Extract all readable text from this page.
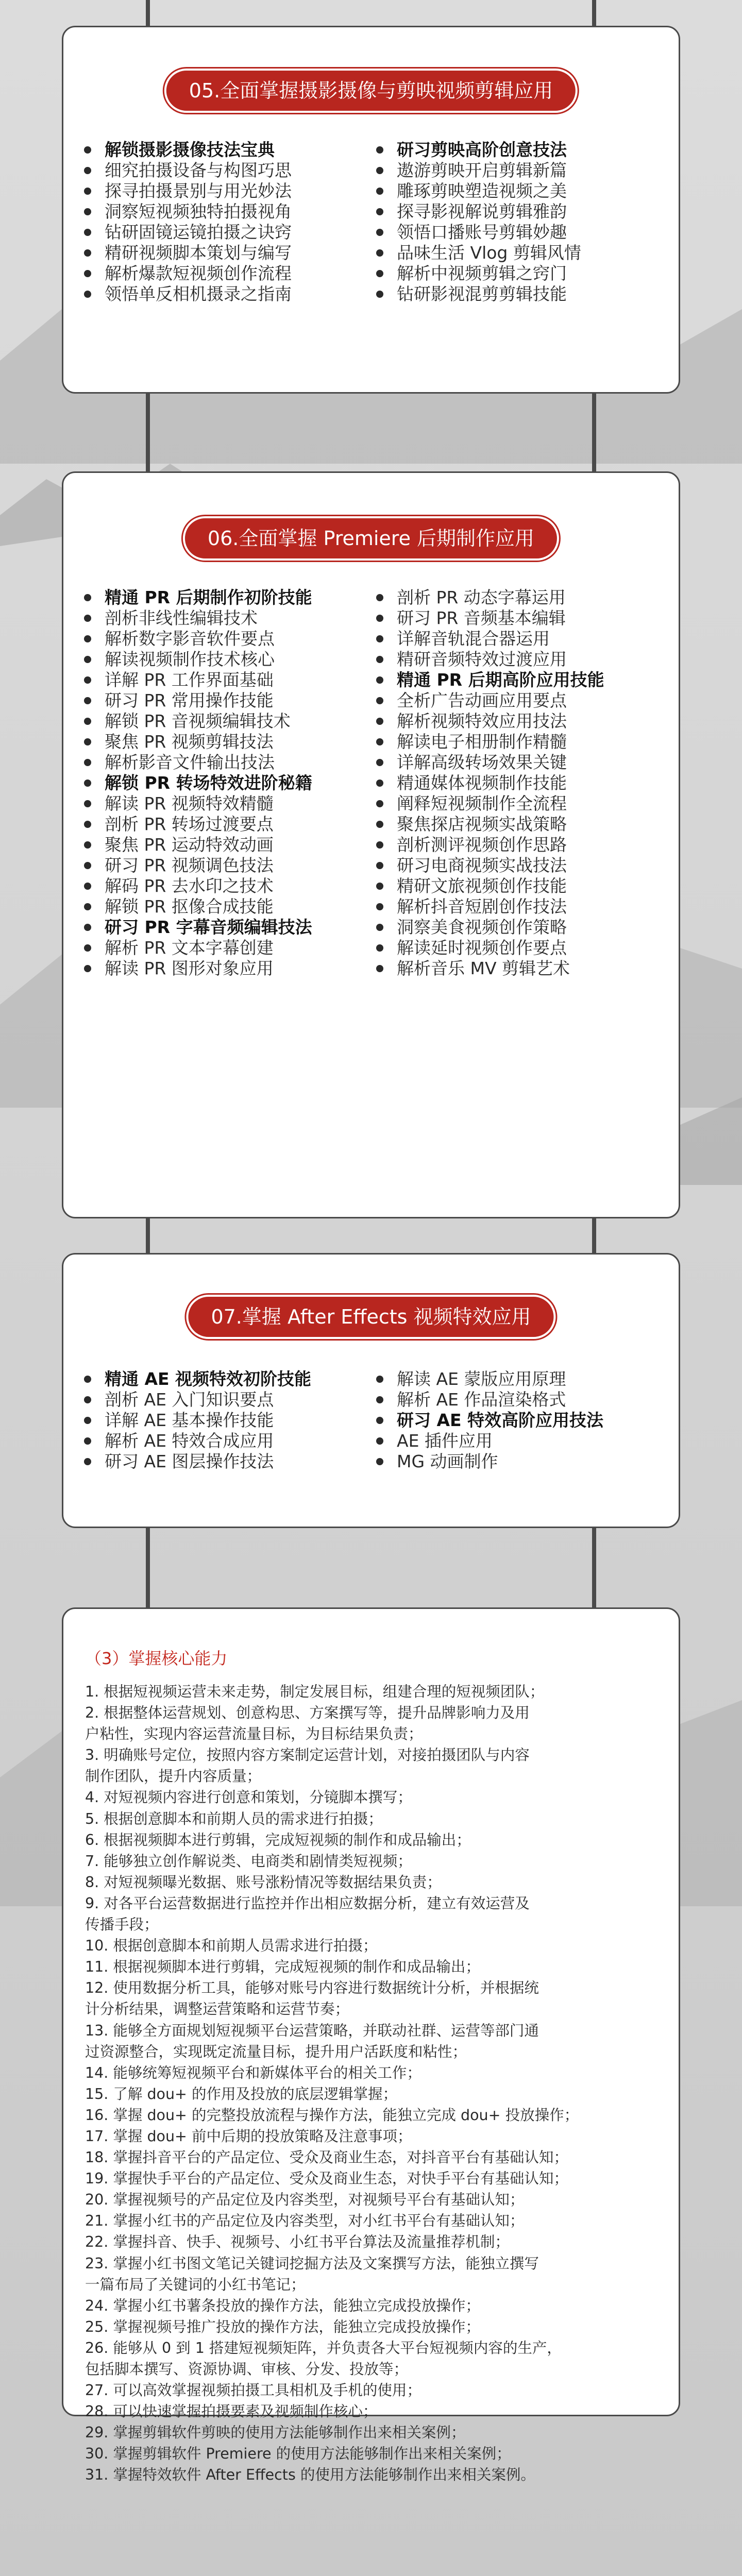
05.全面掌握摄影摄像与剪映视频剪辑应用
解锁摄影摄像技法宝典
细究拍摄设备与构图巧思
探寻拍摄景别与用光妙法
洞察短视频独特拍摄视角
钻研固镜运镜拍摄之诀窍
精研视频脚本策划与编写
解析爆款短视频创作流程
领悟单反相机摄录之指南
研习剪映高阶创意技法
遨游剪映开启剪辑新篇
雕琢剪映塑造视频之美
探寻影视解说剪辑雅韵
领悟口播账号剪辑妙趣
品味生活 Vlog 剪辑风情
解析中视频剪辑之窍门
钻研影视混剪剪辑技能
06.全面掌握 Premiere 后期制作应用
精通 PR 后期制作初阶技能
剖析非线性编辑技术
解析数字影音软件要点
解读视频制作技术核心
详解 PR 工作界面基础
研习 PR 常用操作技能
解锁 PR 音视频编辑技术
聚焦 PR 视频剪辑技法
解析影音文件输出技法
解锁 PR 转场特效进阶秘籍
解读 PR 视频特效精髓
剖析 PR 转场过渡要点
聚焦 PR 运动特效动画
研习 PR 视频调色技法
解码 PR 去水印之技术
解锁 PR 抠像合成技能
研习 PR 字幕音频编辑技法
解析 PR 文本字幕创建
解读 PR 图形对象应用
剖析 PR 动态字幕运用
研习 PR 音频基本编辑
详解音轨混合器运用
精研音频特效过渡应用
精通 PR 后期高阶应用技能
全析广告动画应用要点
解析视频特效应用技法
解读电子相册制作精髓
详解高级转场效果关键
精通媒体视频制作技能
阐释短视频制作全流程
聚焦探店视频实战策略
剖析测评视频创作思路
研习电商视频实战技法
精研文旅视频创作技能
解析抖音短剧创作技法
洞察美食视频创作策略
解读延时视频创作要点
解析音乐 MV 剪辑艺术
07.掌握 After Effects 视频特效应用
精通 AE 视频特效初阶技能
剖析 AE 入门知识要点
详解 AE 基本操作技能
解析 AE 特效合成应用
研习 AE 图层操作技法
解读 AE 蒙版应用原理
解析 AE 作品渲染格式
研习 AE 特效高阶应用技法
AE 插件应用
MG 动画制作
（3）掌握核心能力

1. 根据短视频运营未来走势，制定发展目标，组建合理的短视频团队；

2. 根据整体运营规划、创意构思、方案撰写等，提升品牌影响力及用

户粘性，实现内容运营流量目标，为目标结果负责；

3. 明确账号定位，按照内容方案制定运营计划，对接拍摄团队与内容

制作团队，提升内容质量；

4. 对短视频内容进行创意和策划，分镜脚本撰写；

5. 根据创意脚本和前期人员的需求进行拍摄；

6. 根据视频脚本进行剪辑，完成短视频的制作和成品输出；

7. 能够独立创作解说类、电商类和剧情类短视频；

8. 对短视频曝光数据、账号涨粉情况等数据结果负责；

9. 对各平台运营数据进行监控并作出相应数据分析，建立有效运营及

传播手段；

10. 根据创意脚本和前期人员需求进行拍摄；

11. 根据视频脚本进行剪辑，完成短视频的制作和成品输出；

12. 使用数据分析工具，能够对账号内容进行数据统计分析，并根据统

计分析结果，调整运营策略和运营节奏；

13. 能够全方面规划短视频平台运营策略，并联动社群、运营等部门通

过资源整合，实现既定流量目标，提升用户活跃度和粘性；

14. 能够统筹短视频平台和新媒体平台的相关工作；

15. 了解 dou+ 的作用及投放的底层逻辑掌握；

16. 掌握 dou+ 的完整投放流程与操作方法，能独立完成 dou+ 投放操作；

17. 掌握 dou+ 前中后期的投放策略及注意事项；

18. 掌握抖音平台的产品定位、受众及商业生态，对抖音平台有基础认知；

19. 掌握快手平台的产品定位、受众及商业生态，对快手平台有基础认知；

20. 掌握视频号的产品定位及内容类型，对视频号平台有基础认知；

21. 掌握小红书的产品定位及内容类型，对小红书平台有基础认知；

22. 掌握抖音、快手、视频号、小红书平台算法及流量推荐机制；

23. 掌握小红书图文笔记关键词挖掘方法及文案撰写方法，能独立撰写

一篇布局了关键词的小红书笔记；

24. 掌握小红书薯条投放的操作方法，能独立完成投放操作；

25. 掌握视频号推广投放的操作方法，能独立完成投放操作；

26. 能够从 0 到 1 搭建短视频矩阵，并负责各大平台短视频内容的生产，

包括脚本撰写、资源协调、审核、分发、投放等；

27. 可以高效掌握视频拍摄工具相机及手机的使用；

28. 可以快速掌握拍摄要素及视频制作核心；

29. 掌握剪辑软件剪映的使用方法能够制作出来相关案例；

30. 掌握剪辑软件 Premiere 的使用方法能够制作出来相关案例；

31. 掌握特效软件 After Effects 的使用方法能够制作出来相关案例。
